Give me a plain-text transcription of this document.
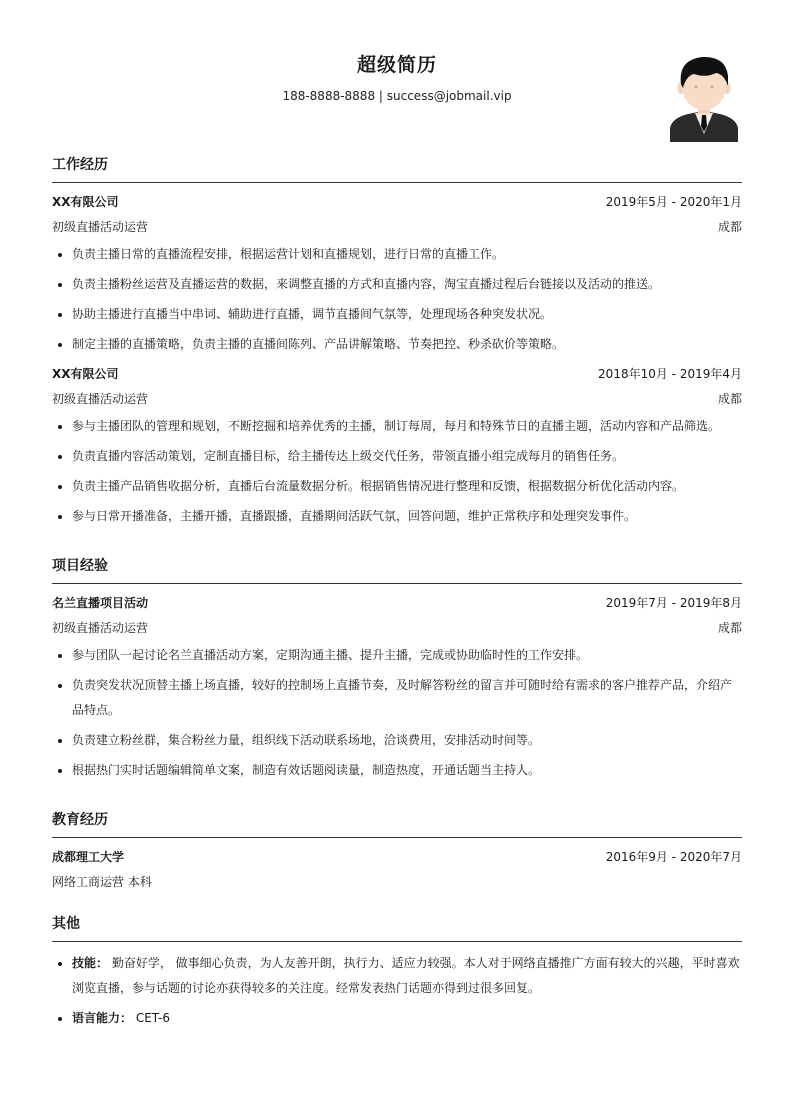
超级简历
188-8888-8888 | success@jobmail.vip
工作经历
XX有限公司	2019年5月 - 2020年1月
初级直播活动运营	成都
• 负责主播日常的直播流程安排，根据运营计划和直播规划，进行日常的直播工作。
• 负责主播粉丝运营及直播运营的数据，来调整直播的方式和直播内容，淘宝直播过程后台链接以及活动的推送。
• 协助主播进行直播当中串词、辅助进行直播，调节直播间气氛等，处理现场各种突发状况。
• 制定主播的直播策略，负责主播的直播间陈列、产品讲解策略、节奏把控、秒杀砍价等策略。
XX有限公司	2018年10月 - 2019年4月
初级直播活动运营	成都
• 参与主播团队的管理和规划，不断挖掘和培养优秀的主播，制订每周，每月和特殊节日的直播主题，活动内容和产品筛选。
• 负责直播内容活动策划，定制直播目标，给主播传达上级交代任务，带领直播小组完成每月的销售任务。
• 负责主播产品销售收据分析，直播后台流量数据分析。根据销售情况进行整理和反馈，根据数据分析优化活动内容。
• 参与日常开播准备，主播开播，直播跟播，直播期间活跃气氛，回答问题，维护正常秩序和处理突发事件。
项目经验
名兰直播项目活动	2019年7月 - 2019年8月
初级直播活动运营	成都
• 参与团队一起讨论名兰直播活动方案，定期沟通主播、提升主播，完成或协助临时性的工作安排。
• 负责突发状况顶替主播上场直播，较好的控制场上直播节奏，及时解答粉丝的留言并可随时给有需求的客户推荐产品，介绍产品特点。
• 负责建立粉丝群，集合粉丝力量，组织线下活动联系场地，洽谈费用，安排活动时间等。
• 根据热门实时话题编辑简单文案，制造有效话题阅读量，制造热度，开通话题当主持人。
教育经历
成都理工大学	2016年9月 - 2020年7月
网络工商运营 本科
其他
• 技能： 勤奋好学， 做事细心负责，为人友善开朗，执行力、适应力较强。本人对于网络直播推广方面有较大的兴趣，平时喜欢浏览直播，参与话题的讨论亦获得较多的关注度。经常发表热门话题亦得到过很多回复。
• 语言能力： CET-6
